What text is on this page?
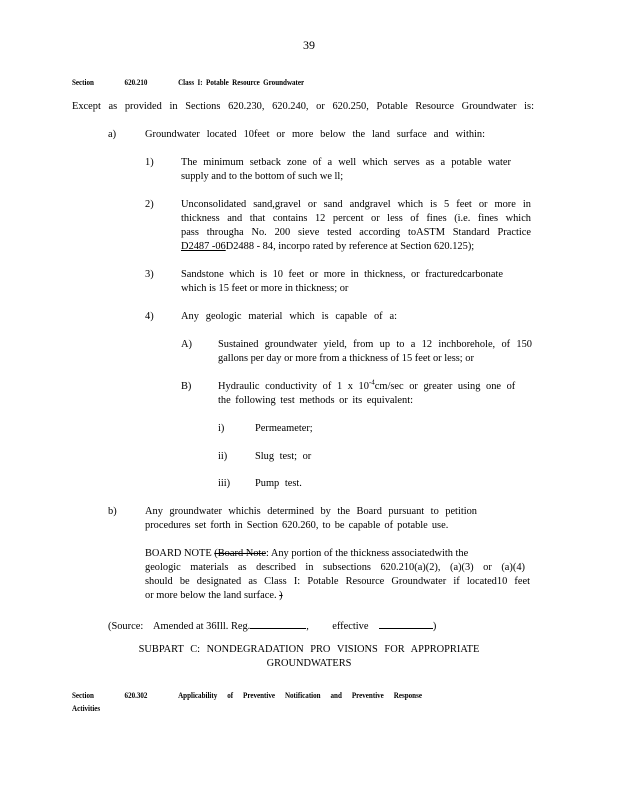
39
Section	620.210	Class I: Potable Resource Groundwater
Except as provided in Sections 620.230, 620.240, or 620.250, Potable Resource Groundwater is:
a)	Groundwater located 10feet or more below the land surface and within:
1)	The minimum setback zone of a well which serves as a potable water
supply and to the bottom of such we ll;
2)	Unconsolidated sand,gravel or sand andgravel which is 5 feet or more in
thickness and that contains 12 percent or less of fines (i.e. fines which
pass througha No. 200 sieve tested according toASTM Standard Practice
D2487 -06D2488 - 84, incorpo rated by reference at Section 620.125);
3)	Sandstone which is 10 feet or more in thickness, or fracturedcarbonate
which is 15 feet or more in thickness; or
4)	Any geologic material which is capable of a:
A)	Sustained groundwater yield, from up to a 12 inchborehole, of 150
gallons per day or more from a thickness of 15 feet or less; or
B)	Hydraulic conductivity of 1 x $10^{-4}cm/\sec$ or greater using one of
the following test methods or its equivalent:
i)	Permeameter;
ii)	Slug test; or
iii) Pump test.
b)	Any groundwater whichis determined by the Board pursuant to petition
procedures set forth in Section 620.260, to be capable of potable use.
BOARD NOTE (Board Note: Any portion of the thickness associatedwith the
geologic materials as described in subsections 620.210(a)(2), (a)(3) or (a)(4)
should be designated as Class I: Potable Resource Groundwater if located10 feet
or more below the land surface. )
(Source: Amended at 36Ill. Reg.	, effective	)
SUBPART C: NONDEGRADATION PRO VISIONS FOR APPROPRIATE
GROUNDWATERS
Section	620.302	Applicability of Preventive Notification and Preventive Response
Activities
